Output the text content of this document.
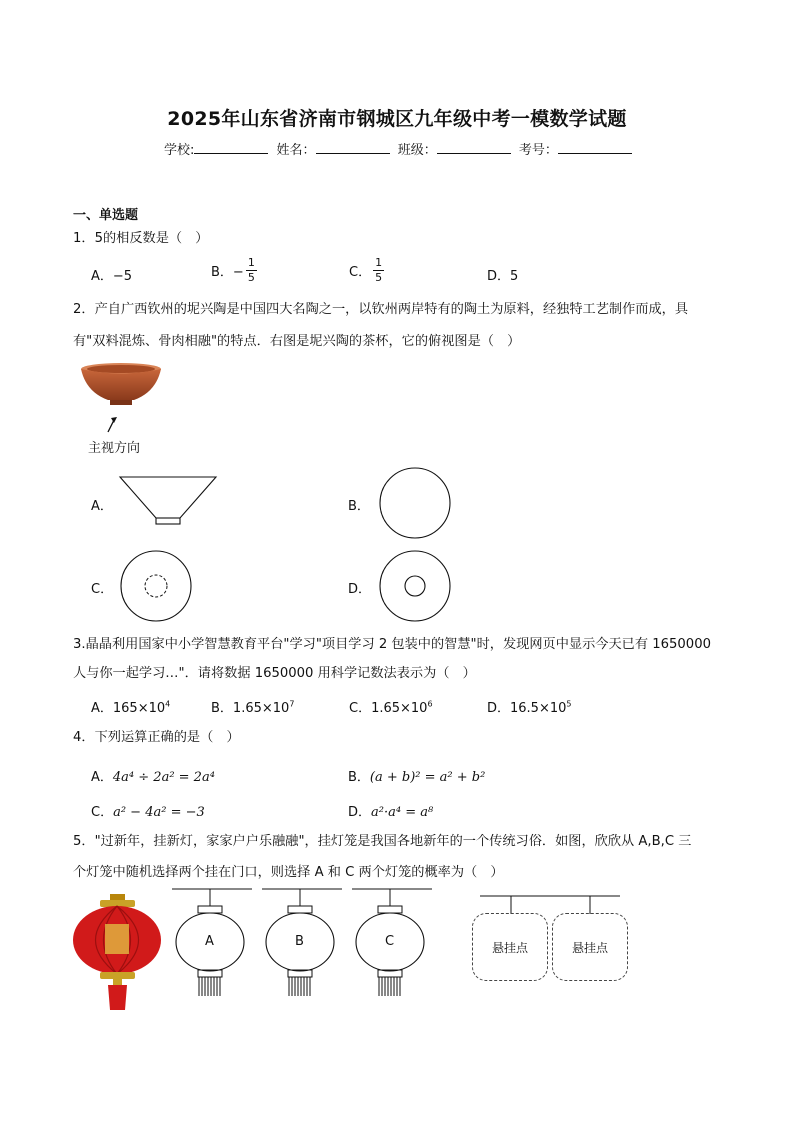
2025年山东省济南市钢城区九年级中考一模数学试题
学校:	姓名：	班级：	考号：
一、单选题
1．5的相反数是（　）
A．−5	B．− $\frac{1}{5}$	C． $\frac{1}{5}$	D．5
2．产自广西钦州的坭兴陶是中国四大名陶之一，以钦州两岸特有的陶土为原料，经独特工艺制作而成，具
有"双料混炼、骨肉相融"的特点．右图是坭兴陶的茶杯，它的俯视图是（　）
主视方向
A．	B．
C．	D．
3.晶晶利用国家中小学智慧教育平台"学习"项目学习 2 包装中的智慧"时，发现网页中显示今天已有 1650000
人与你一起学习…"．请将数据 1650000 用科学记数法表示为（　）
A．$165\times 10^4$	B．$1.65\times 10^7$	C．$1.65\times 10^6$	D．$16.5\times 10^5$
4．下列运算正确的是（　）
A．4a⁴ ÷ 2a² = 2a⁴	B．(a + b)² = a² + b²
C．a² − 4a² = −3	D．a²·a⁴ = a⁸
5．"过新年，挂新灯，家家户户乐融融"，挂灯笼是我国各地新年的一个传统习俗．如图，欣欣从 A,B,C 三
个灯笼中随机选择两个挂在门口，则选择 A 和 C 两个灯笼的概率为（　）
A	B	C	悬挂点	悬挂点
